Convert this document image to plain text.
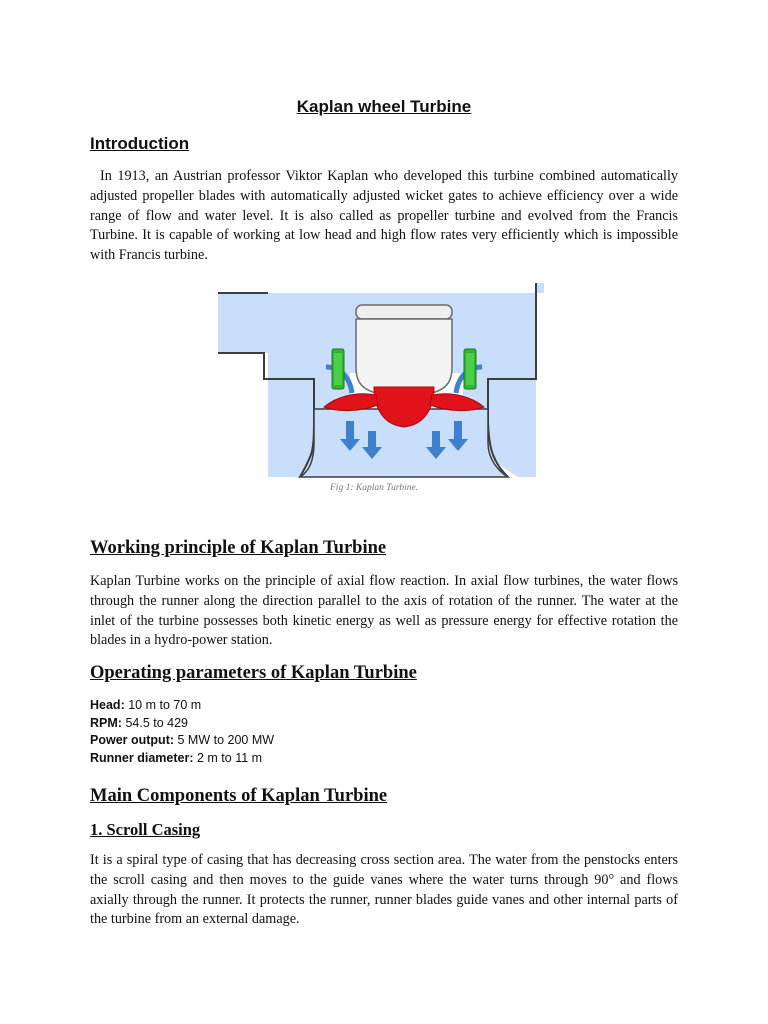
Kaplan wheel Turbine
Introduction

In 1913, an Austrian professor Viktor Kaplan who developed this turbine combined automatically adjusted propeller blades with automatically adjusted wicket gates to achieve efficiency over a wide range of flow and water level. It is also called as propeller turbine and evolved from the Francis Turbine. It is capable of working at low head and high flow rates very efficiently which is impossible with Francis turbine.

Working principle of Kaplan Turbine

Kaplan Turbine works on the principle of axial flow reaction. In axial flow turbines, the water flows through the runner along the direction parallel to the axis of rotation of the runner. The water at the inlet of the turbine possesses both kinetic energy as well as pressure energy for effective rotation the blades in a hydro-power station.

Operating parameters of Kaplan Turbine
Head: 10 m to 70 m
RPM: 54.5 to 429
Power output: 5 MW to 200 MW
Runner diameter: 2 m to 11 m
Main Components of Kaplan Turbine
1. Scroll Casing

It is a spiral type of casing that has decreasing cross section area. The water from the penstocks enters the scroll casing and then moves to the guide vanes where the water turns through 90° and flows axially through the runner. It protects the runner, runner blades guide vanes and other internal parts of the turbine from an external damage.

Fig 1: Kaplan Turbine.
